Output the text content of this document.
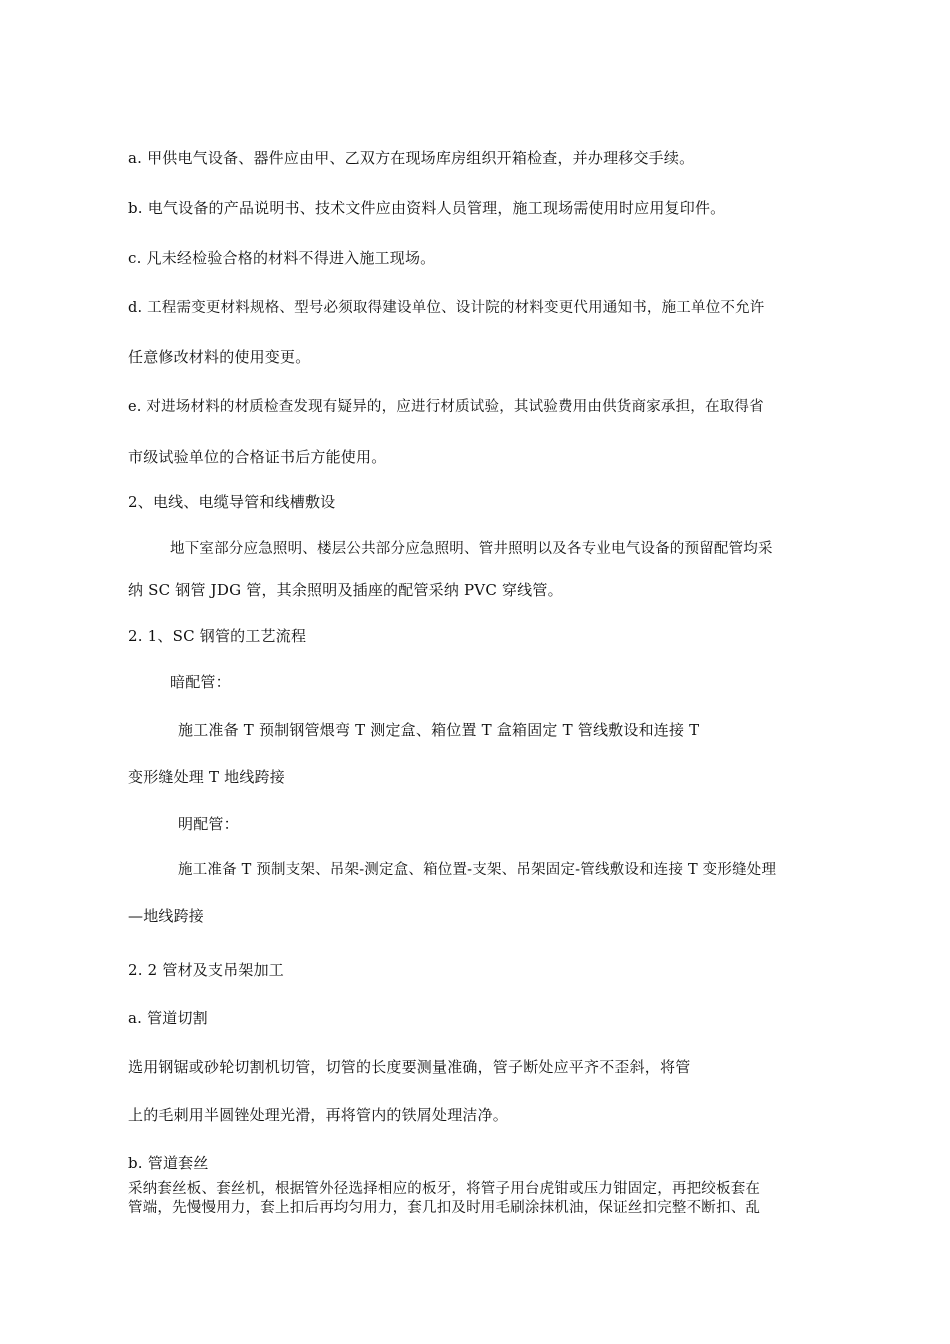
a. 甲供电气设备、器件应由甲、乙双方在现场库房组织开箱检查，并办理移交手续。
b. 电气设备的产品说明书、技术文件应由资料人员管理，施工现场需使用时应用复印件。
c. 凡未经检验合格的材料不得进入施工现场。
d. 工程需变更材料规格、型号必须取得建设单位、设计院的材料变更代用通知书，施工单位不允许
任意修改材料的使用变更。
e. 对进场材料的材质检查发现有疑异的，应进行材质试验，其试验费用由供货商家承担，在取得省
市级试验单位的合格证书后方能使用。
2、电线、电缆导管和线槽敷设
地下室部分应急照明、楼层公共部分应急照明、管井照明以及各专业电气设备的预留配管均采
纳 SC 钢管 JDG 管，其余照明及插座的配管采纳 PVC 穿线管。
2. 1、SC 钢管的工艺流程
暗配管：
施工准备 T 预制钢管煨弯 T 测定盒、箱位置 T 盒箱固定 T 管线敷设和连接 T
变形缝处理 T 地线跨接
明配管：
施工准备 T 预制支架、吊架-测定盒、箱位置-支架、吊架固定-管线敷设和连接 T 变形缝处理
—地线跨接
2. 2 管材及支吊架加工
a. 管道切割
选用钢锯或砂轮切割机切管，切管的长度要测量准确，管子断处应平齐不歪斜，将管
上的毛刺用半圆锉处理光滑，再将管内的铁屑处理洁净。
b. 管道套丝
采纳套丝板、套丝机，根据管外径选择相应的板牙，将管子用台虎钳或压力钳固定，再把绞板套在
管端，先慢慢用力，套上扣后再均匀用力，套几扣及时用毛刷涂抹机油，保证丝扣完整不断扣、乱
